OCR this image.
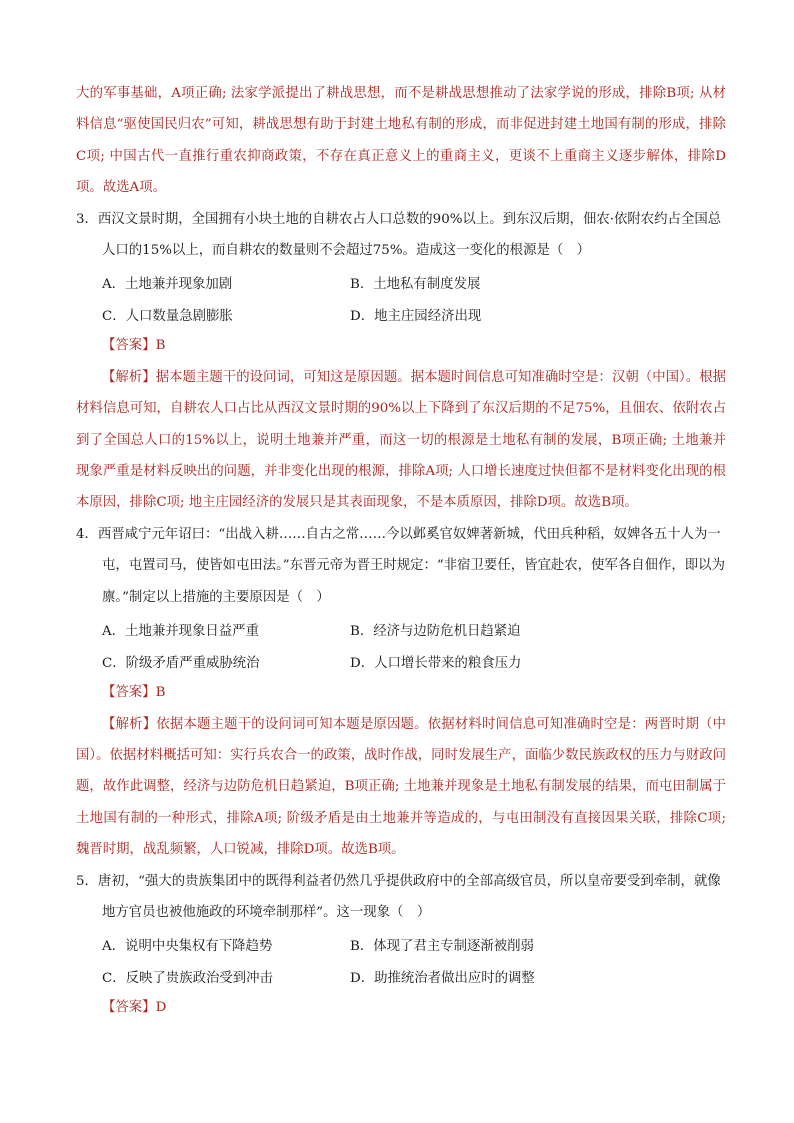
大的军事基础，A项正确; 法家学派提出了耕战思想，而不是耕战思想推动了法家学说的形成，排除B项; 从材料信息“驱使国民归农”可知，耕战思想有助于封建土地私有制的形成，而非促进封建土地国有制的形成，排除C项; 中国古代一直推行重农抑商政策，不存在真正意义上的重商主义，更谈不上重商主义逐步解体，排除D项。故选A项。

3．西汉文景时期，全国拥有小块土地的自耕农占人口总数的90%以上。到东汉后期，佃农·依附农约占全国总人口的15%以上，而自耕农的数量则不会超过75%。造成这一变化的根源是（　）

A．土地兼并现象加剧	B．土地私有制度发展
C．人口数量急剧膨胀	D．地主庄园经济出现

【答案】B

【解析】据本题主题干的设问词，可知这是原因题。据本题时间信息可知准确时空是：汉朝（中国）。根据材料信息可知，自耕农人口占比从西汉文景时期的90%以上下降到了东汉后期的不足75%，且佃农、依附农占到了全国总人口的15%以上，说明土地兼并严重，而这一切的根源是土地私有制的发展，B项正确; 土地兼并现象严重是材料反映出的问题，并非变化出现的根源，排除A项; 人口增长速度过快但都不是材料变化出现的根本原因，排除C项; 地主庄园经济的发展只是其表面现象，不是本质原因，排除D项。故选B项。

4．西晋咸宁元年诏曰：“出战入耕……自古之常……今以邺奚官奴婢著新城，代田兵种稻，奴婢各五十人为一屯，屯置司马，使皆如屯田法。”东晋元帝为晋王时规定：“非宿卫要任，皆宜赴农，使军各自佃作，即以为廪。”制定以上措施的主要原因是（　）

A．土地兼并现象日益严重	B．经济与边防危机日趋紧迫
C．阶级矛盾严重威胁统治	D．人口增长带来的粮食压力

【答案】B

【解析】依据本题主题干的设问词可知本题是原因题。依据材料时间信息可知准确时空是：两晋时期（中国）。依据材料概括可知：实行兵农合一的政策，战时作战，同时发展生产，面临少数民族政权的压力与财政问题，故作此调整，经济与边防危机日趋紧迫，B项正确; 土地兼并现象是土地私有制发展的结果，而屯田制属于土地国有制的一种形式，排除A项; 阶级矛盾是由土地兼并等造成的，与屯田制没有直接因果关联，排除C项; 魏晋时期，战乱频繁，人口锐减，排除D项。故选B项。

5．唐初，“强大的贵族集团中的既得利益者仍然几乎提供政府中的全部高级官员，所以皇帝要受到牵制，就像地方官员也被他施政的环境牵制那样”。这一现象（　）

A．说明中央集权有下降趋势	B．体现了君主专制逐渐被削弱
C．反映了贵族政治受到冲击	D．助推统治者做出应时的调整

【答案】D
